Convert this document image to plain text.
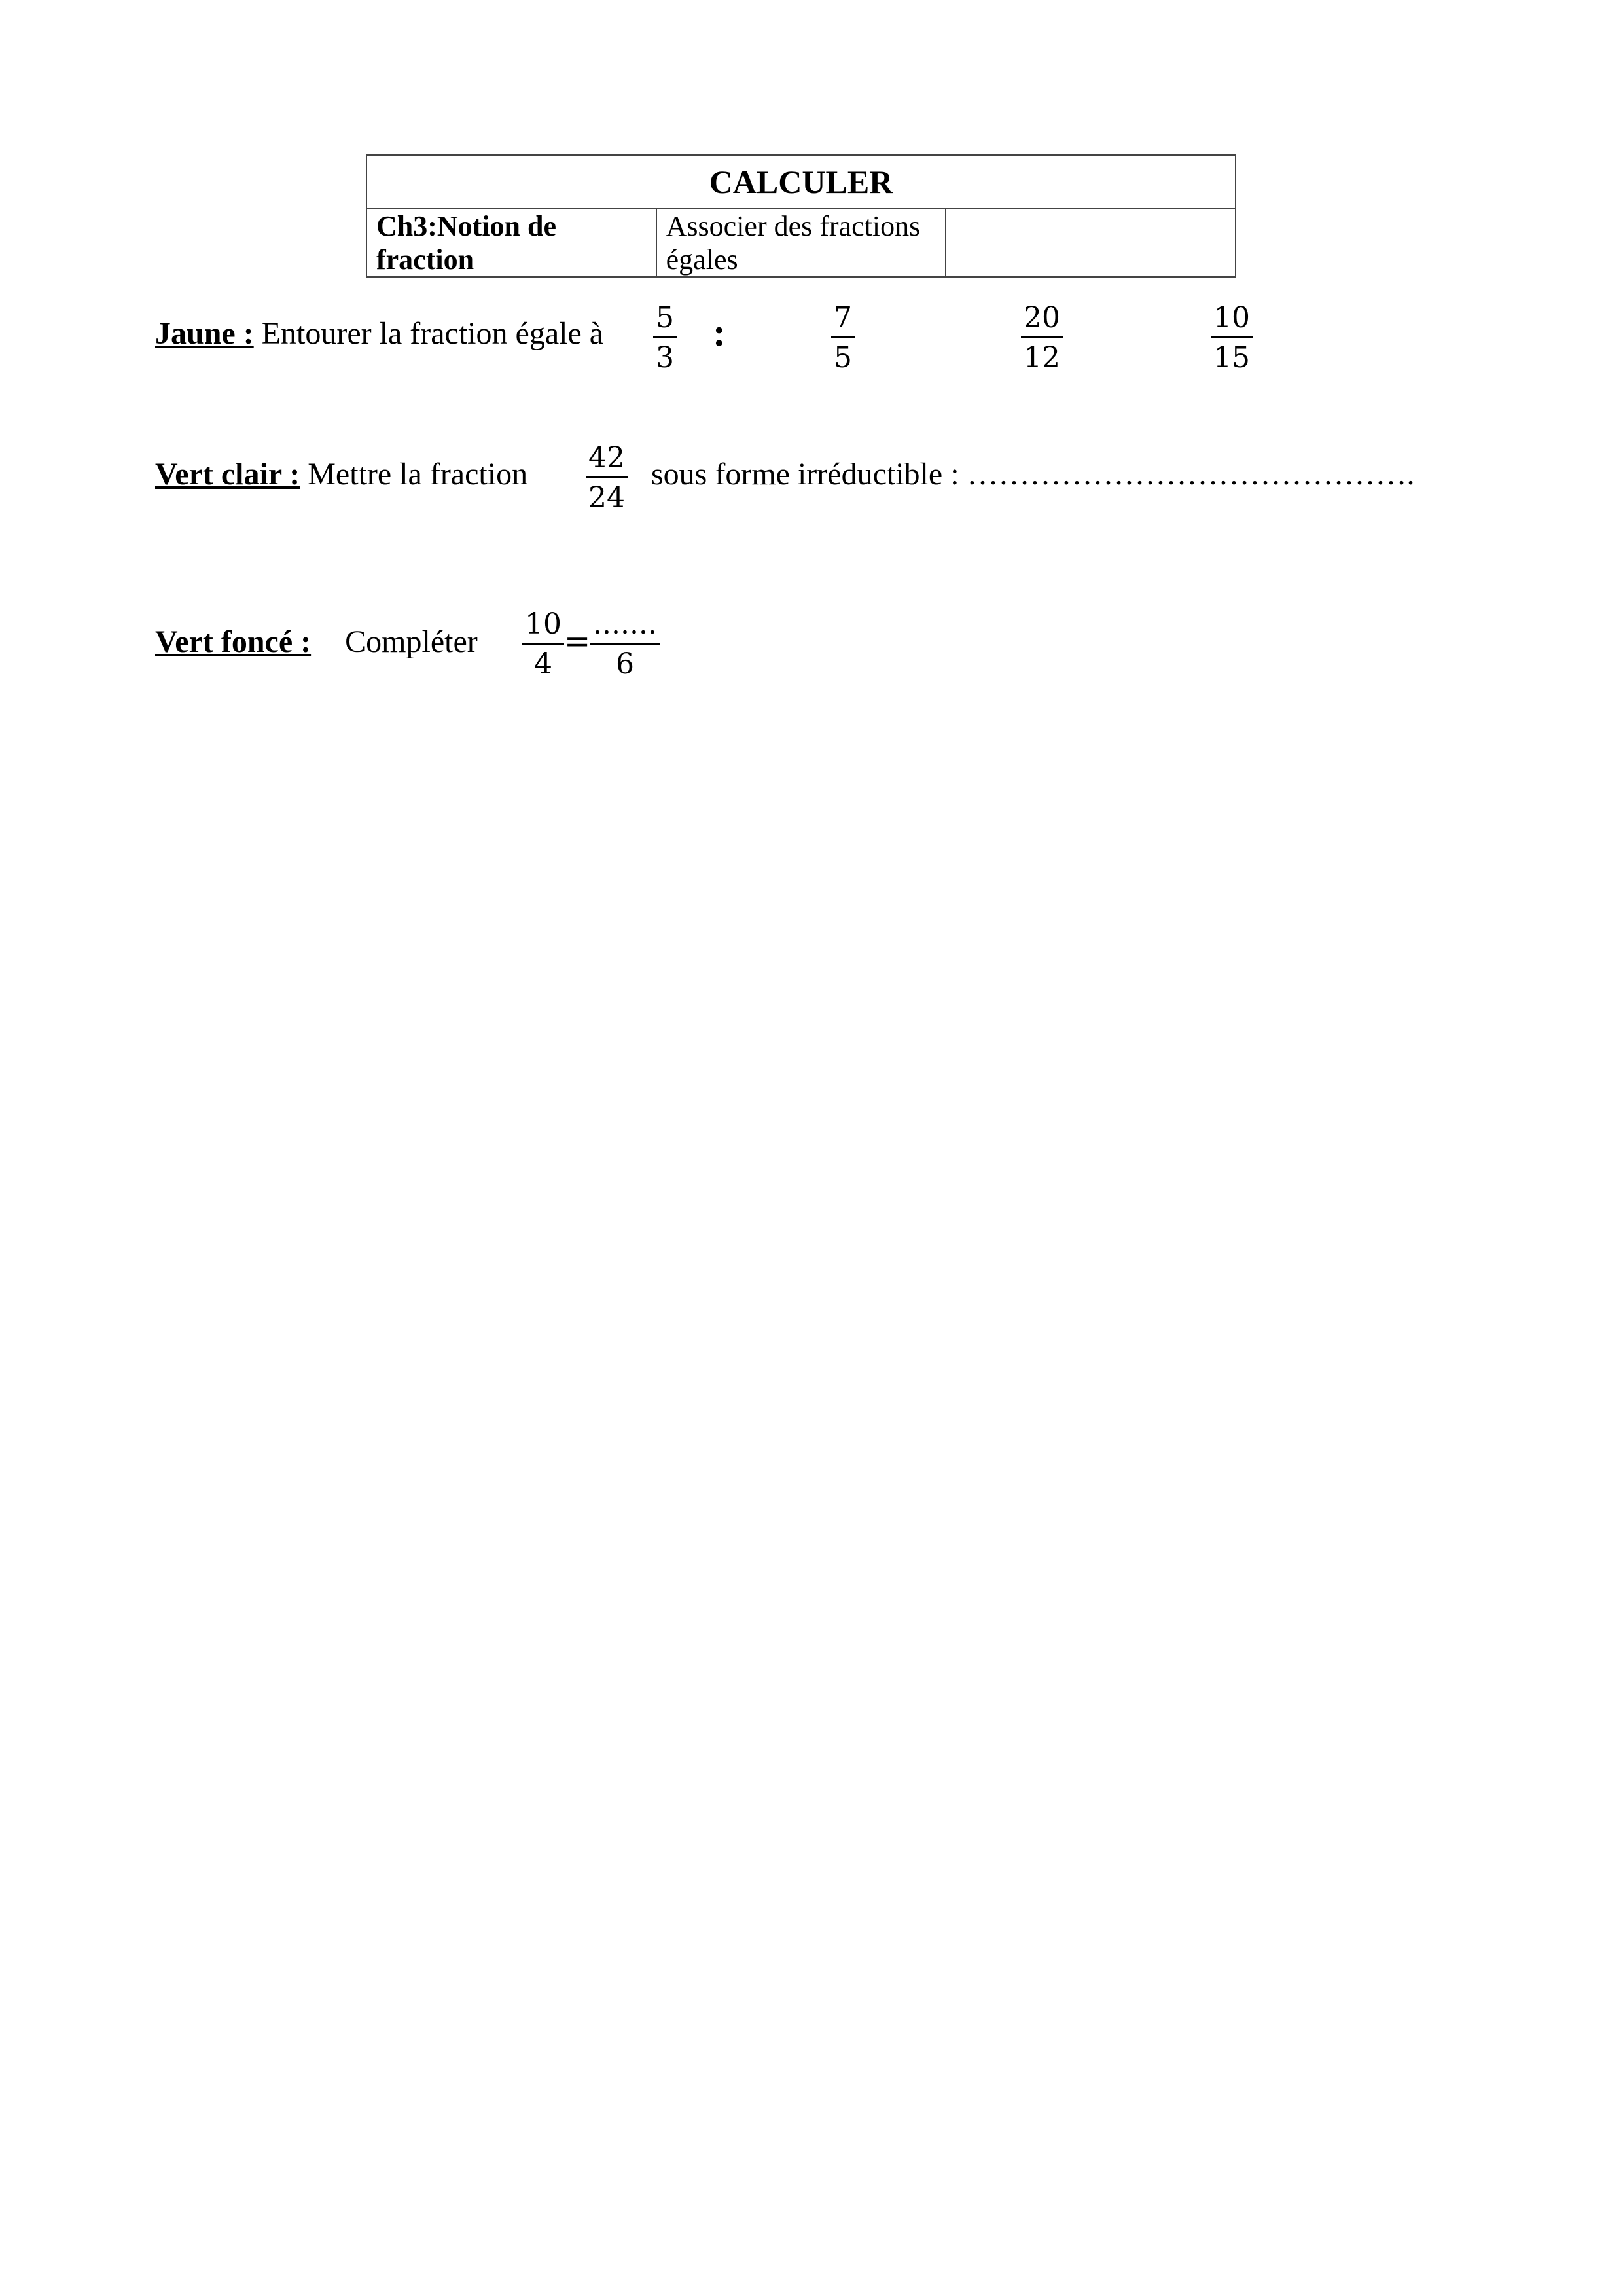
CALCULER
Ch3:Notion de fraction	Associer des fractions égales	
Jaune : Entourer la fraction égale à $\frac{5}{3}$ :	$\frac{7}{5}$	$\frac{20}{12}$	$\frac{10}{15}$
Vert clair : Mettre la fraction $\frac{42}{24}$ sous forme irréductible : …………………………………….
Vert foncé : Compléter $\frac{10}{4}$ = .......
6
